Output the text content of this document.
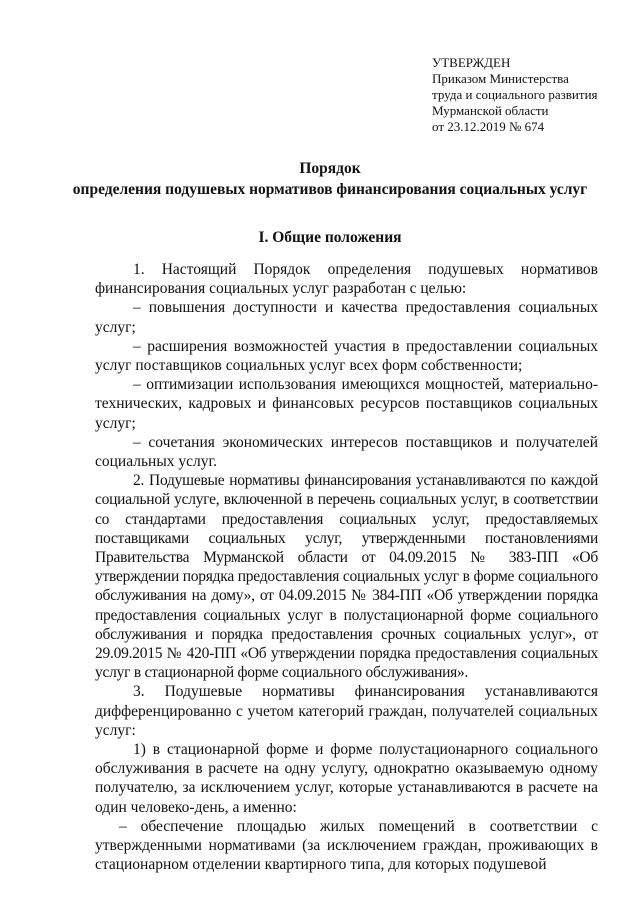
УТВЕРЖДЕН
Приказом Министерства
труда и социального развития
Мурманской области
от 23.12.2019 № 674
Порядок
определения подушевых нормативов финансирования социальных услуг
I. Общие положения

1. Настоящий Порядок определения подушевых нормативов финансирования социальных услуг разработан с целью:

– повышения доступности и качества предоставления социальных услуг;

– расширения возможностей участия в предоставлении социальных услуг поставщиков социальных услуг всех форм собственности;

– оптимизации использования имеющихся мощностей, материально-технических, кадровых и финансовых ресурсов поставщиков социальных услуг;

– сочетания экономических интересов поставщиков и получателей социальных услуг.

2. Подушевые нормативы финансирования устанавливаются по каждой социальной услуге, включенной в перечень социальных услуг, в соответствии со стандартами предоставления социальных услуг, предоставляемых поставщиками социальных услуг, утвержденными постановлениями Правительства Мурманской области от 04.09.2015 № 383-ПП «Об утверждении порядка предоставления социальных услуг в форме социального обслуживания на дому», от 04.09.2015 № 384-ПП «Об утверждении порядка предоставления социальных услуг в полустационарной форме социального обслуживания и порядка предоставления срочных социальных услуг», от 29.09.2015 № 420-ПП «Об утверждении порядка предоставления социальных услуг в стационарной форме социального обслуживания».

3. Подушевые нормативы финансирования устанавливаются дифференцированно с учетом категорий граждан, получателей социальных услуг:

1) в стационарной форме и форме полустационарного социального обслуживания в расчете на одну услугу, однократно оказываемую одному получателю, за исключением услуг, которые устанавливаются в расчете на один человеко-день, а именно:

– обеспечение площадью жилых помещений в соответствии с утвержденными нормативами (за исключением граждан, проживающих в стационарном отделении квартирного типа, для которых подушевой
